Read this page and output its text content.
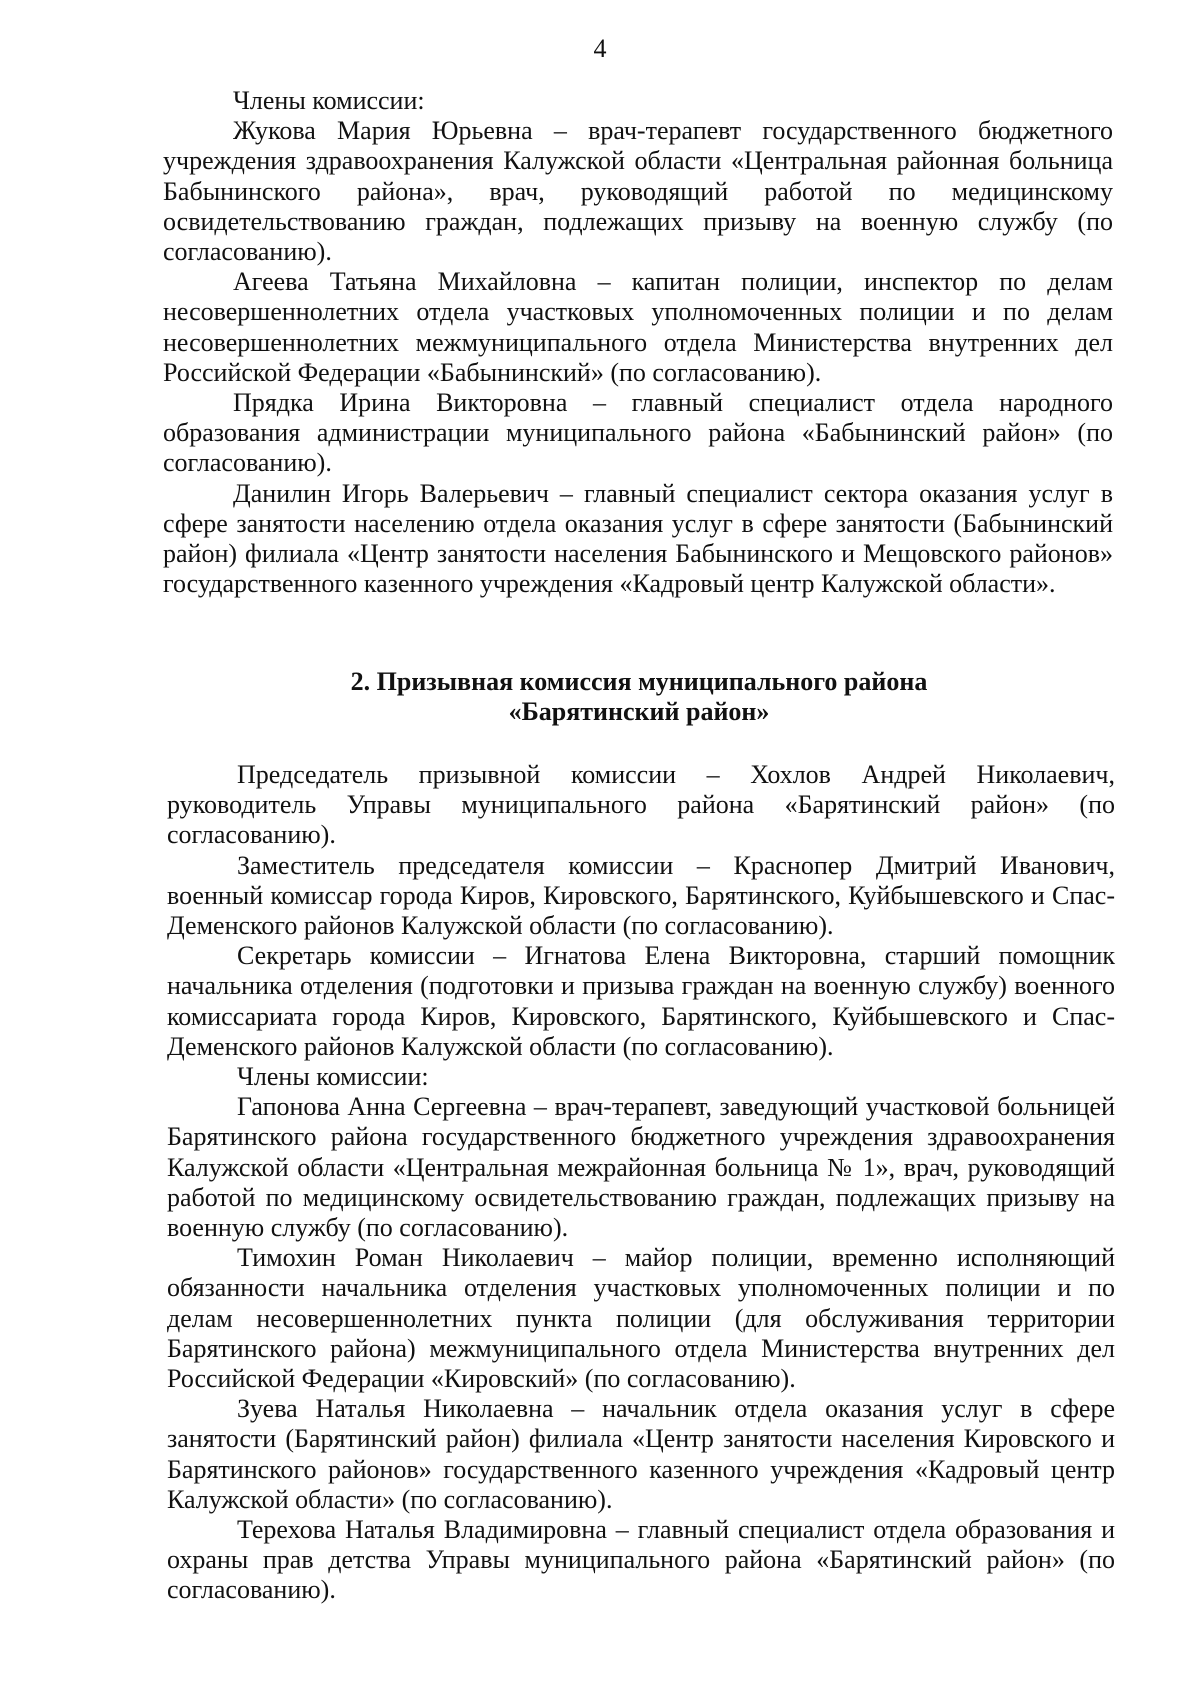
4

Члены комиссии:

Жукова Мария Юрьевна – врач-терапевт государственного бюджетного учреждения здравоохранения Калужской области «Центральная районная больница Бабынинского района», врач, руководящий работой по медицинскому освидетельствованию граждан, подлежащих призыву на военную службу (по согласованию).

Агеева Татьяна Михайловна – капитан полиции, инспектор по делам несовершеннолетних отдела участковых уполномоченных полиции и по делам несовершеннолетних межмуниципального отдела Министерства внутренних дел Российской Федерации «Бабынинский» (по согласованию).

Прядка Ирина Викторовна – главный специалист отдела народного образования администрации муниципального района «Бабынинский район» (по согласованию).

Данилин Игорь Валерьевич – главный специалист сектора оказания услуг в сфере занятости населению отдела оказания услуг в сфере занятости (Бабынинский район) филиала «Центр занятости населения Бабынинского и Мещовского районов» государственного казенного учреждения «Кадровый центр Калужской области».

2. Призывная комиссия муниципального района
«Барятинский район»

Председатель призывной комиссии – Хохлов Андрей Николаевич, руководитель Управы муниципального района «Барятинский район» (по согласованию).

Заместитель председателя комиссии – Краснопер Дмитрий Иванович, военный комиссар города Киров, Кировского, Барятинского, Куйбышевского и Спас-Деменского районов Калужской области (по согласованию).

Секретарь комиссии – Игнатова Елена Викторовна, старший помощник начальника отделения (подготовки и призыва граждан на военную службу) военного комиссариата города Киров, Кировского, Барятинского, Куйбышевского и Спас-Деменского районов Калужской области (по согласованию).

Члены комиссии:

Гапонова Анна Сергеевна – врач-терапевт, заведующий участковой больницей Барятинского района государственного бюджетного учреждения здравоохранения Калужской области «Центральная межрайонная больница № 1», врач, руководящий работой по медицинскому освидетельствованию граждан, подлежащих призыву на военную службу (по согласованию).

Тимохин Роман Николаевич – майор полиции, временно исполняющий обязанности начальника отделения участковых уполномоченных полиции и по делам несовершеннолетних пункта полиции (для обслуживания территории Барятинского района) межмуниципального отдела Министерства внутренних дел Российской Федерации «Кировский» (по согласованию).

Зуева Наталья Николаевна – начальник отдела оказания услуг в сфере занятости (Барятинский район) филиала «Центр занятости населения Кировского и Барятинского районов» государственного казенного учреждения «Кадровый центр Калужской области» (по согласованию).

Терехова Наталья Владимировна – главный специалист отдела образования и охраны прав детства Управы муниципального района «Барятинский район» (по согласованию).
